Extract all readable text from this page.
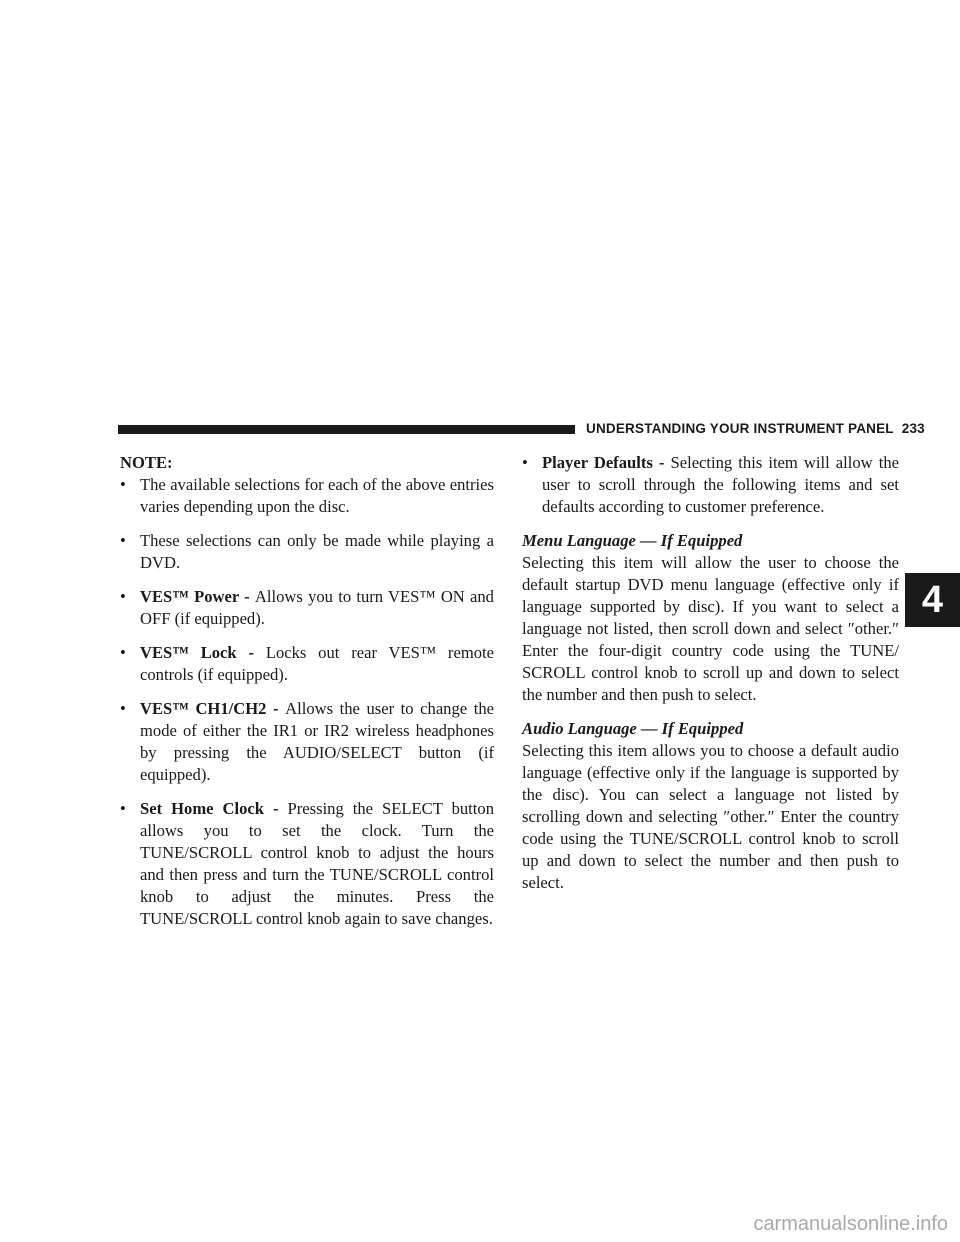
UNDERSTANDING YOUR INSTRUMENT PANEL 233
4

NOTE:

• The available selections for each of the above entries varies depending upon the disc.
• These selections can only be made while playing a DVD.
• VES™ Power - Allows you to turn VES™ ON and OFF (if equipped).
• VES™ Lock - Locks out rear VES™ remote controls (if equipped).
• VES™ CH1/CH2 - Allows the user to change the mode of either the IR1 or IR2 wireless headphones by pressing the AUDIO/SELECT button (if equipped).
• Set Home Clock - Pressing the SELECT button allows you to set the clock. Turn the TUNE/SCROLL control knob to adjust the hours and then press and turn the TUNE/SCROLL control knob to adjust the minutes. Press the TUNE/SCROLL control knob again to save changes.
• Player Defaults - Selecting this item will allow the user to scroll through the following items and set defaults according to customer preference.

Menu Language — If Equipped

Selecting this item will allow the user to choose the default startup DVD menu language (effective only if language supported by disc). If you want to select a language not listed, then scroll down and select ″other.″ Enter the four-digit country code using the TUNE/ SCROLL control knob to scroll up and down to select the number and then push to select.

Audio Language — If Equipped

Selecting this item allows you to choose a default audio language (effective only if the language is supported by the disc). You can select a language not listed by scrolling down and selecting ″other.″ Enter the country code using the TUNE/SCROLL control knob to scroll up and down to select the number and then push to select.

carmanualsonline.info
